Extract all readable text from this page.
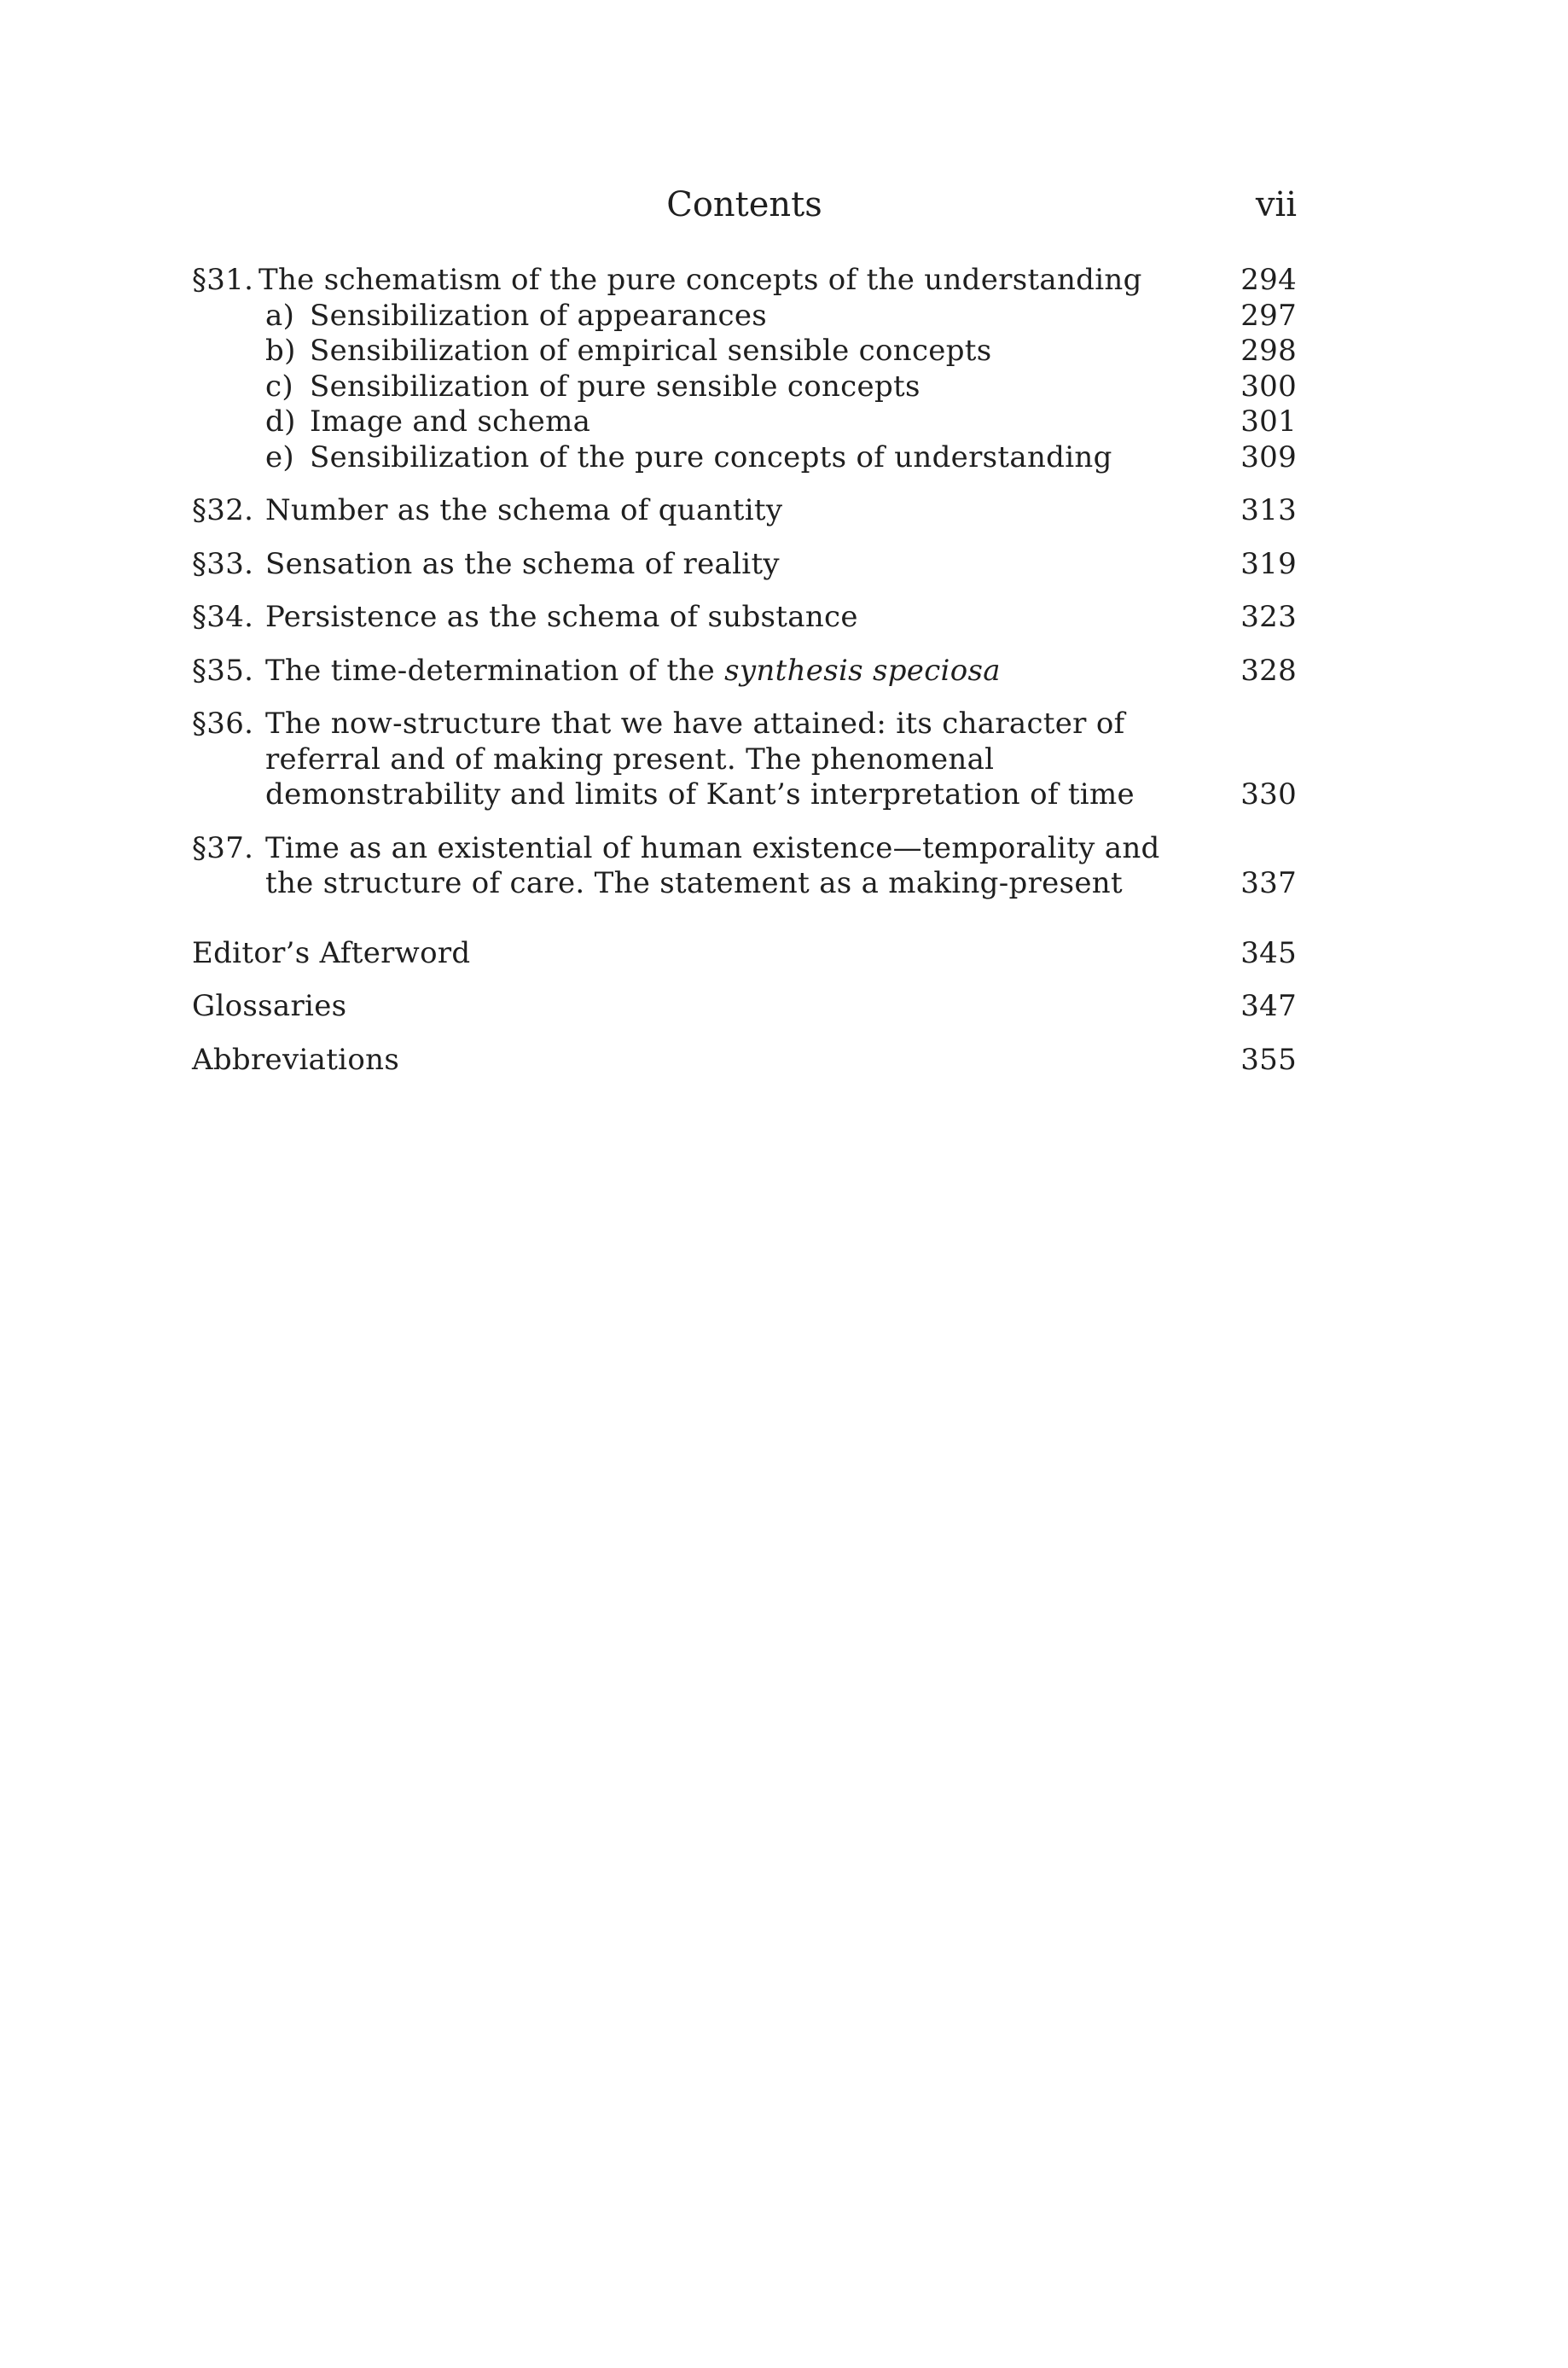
Contents	vii
§31. The schematism of the pure concepts of the understanding	294
a) Sensibilization of appearances	297
b) Sensibilization of empirical sensible concepts	298
c) Sensibilization of pure sensible concepts	300
d) Image and schema	301
e) Sensibilization of the pure concepts of understanding	309
§32. Number as the schema of quantity	313
§33. Sensation as the schema of reality	319
§34. Persistence as the schema of substance	323
§35. The time-determination of the synthesis speciosa	328
§36. The now-structure that we have attained: its character of
referral and of making present. The phenomenal
demonstrability and limits of Kant’s interpretation of time	330
§37. Time as an existential of human existence—temporality and
the structure of care. The statement as a making-present	337
Editor’s Afterword	345
Glossaries	347
Abbreviations	355
